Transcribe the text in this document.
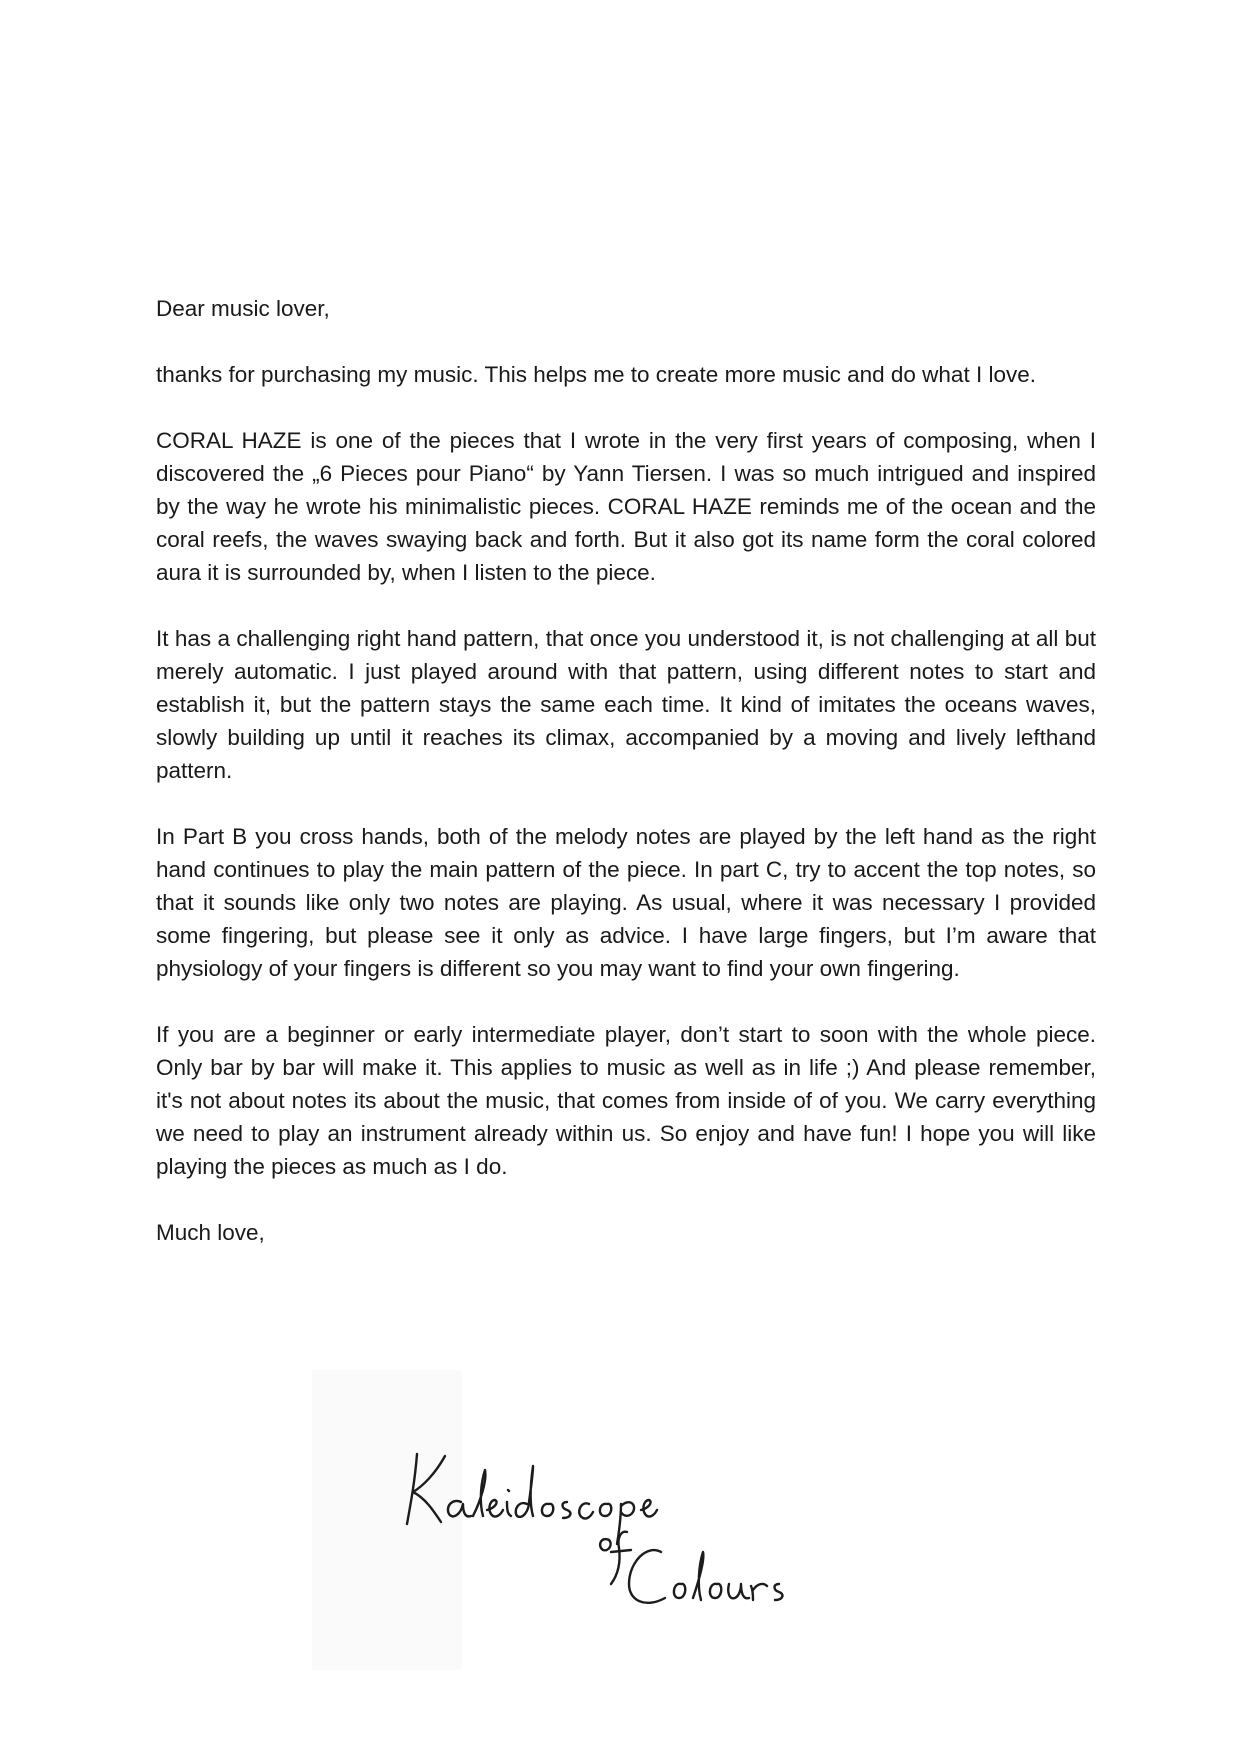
Dear music lover,

thanks for purchasing my music. This helps me to create more music and do what I love.

CORAL HAZE is one of the pieces that I wrote in the very first years of composing, when I discovered the „6 Pieces pour Piano“ by Yann Tiersen. I was so much intrigued and inspired by the way he wrote his minimalistic pieces. CORAL HAZE reminds me of the ocean and the coral reefs, the waves swaying back and forth. But it also got its name form the coral colored aura it is surrounded by, when I listen to the piece.

It has a challenging right hand pattern, that once you understood it, is not challenging at all but merely automatic. I just played around with that pattern, using different notes to start and establish it, but the pattern stays the same each time. It kind of imitates the oceans waves, slowly building up until it reaches its climax, accompanied by a moving and lively lefthand pattern.

In Part B you cross hands, both of the melody notes are played by the left hand as the right hand continues to play the main pattern of the piece. In part C, try to accent the top notes, so that it sounds like only two notes are playing. As usual, where it was necessary I provided some fingering, but please see it only as advice. I have large fingers, but I’m aware that physiology of your fingers is different so you may want to find your own fingering.

If you are a beginner or early intermediate player, don’t start to soon with the whole piece. Only bar by bar will make it. This applies to music as well as in life ;) And please remember, it's not about notes its about the music, that comes from inside of of you. We carry everything we need to play an instrument already within us. So enjoy and have fun! I hope you will like playing the pieces as much as I do.

Much love,
